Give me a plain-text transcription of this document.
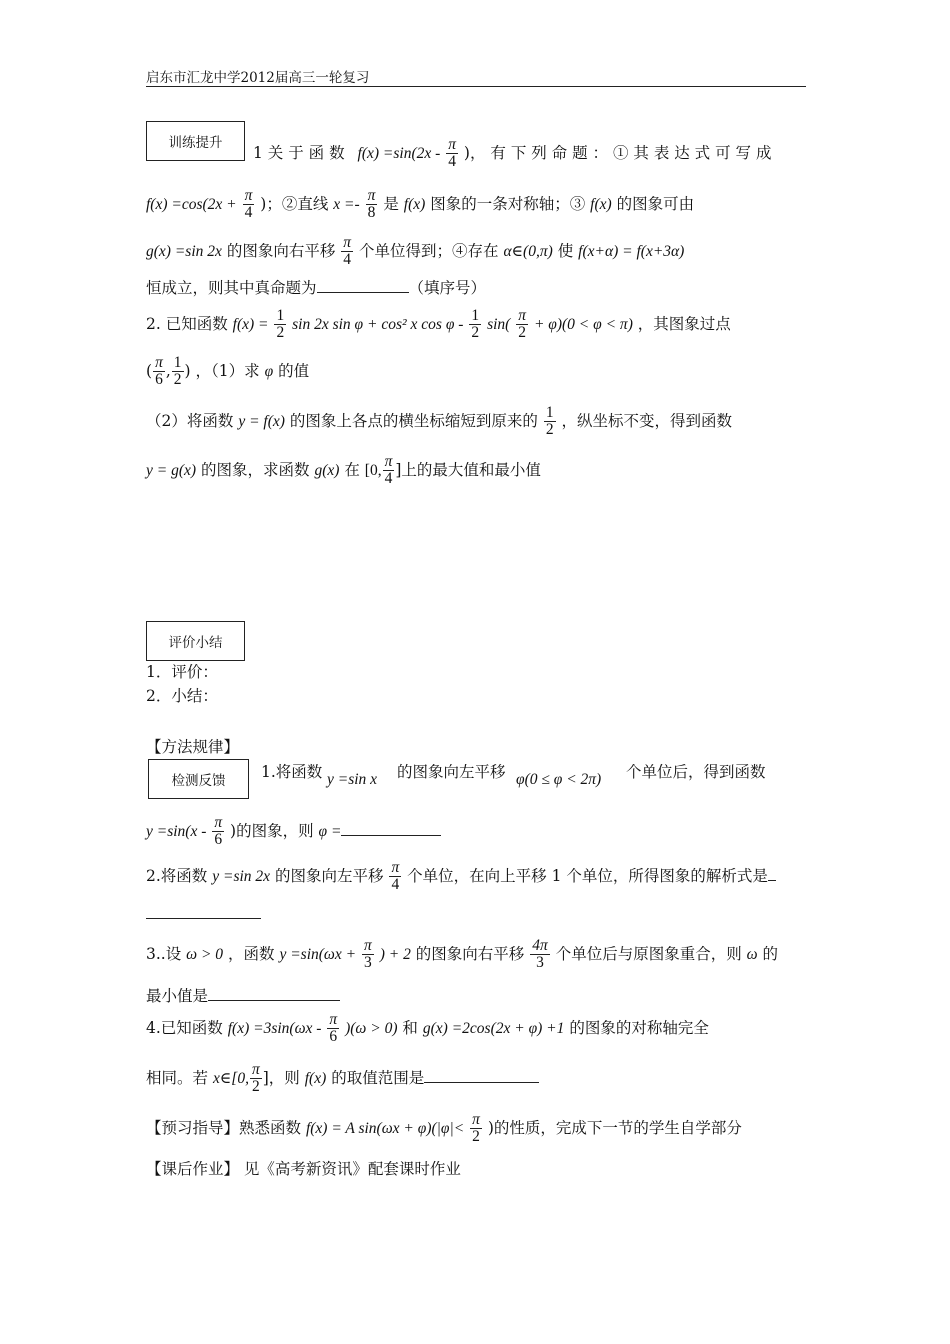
启东市汇龙中学2012届高三一轮复习
训练提升
1 关 于 函 数 $f(x) =\sin(2x - \frac{\pi}{4}$ )， 有 下 列 命 题 ： ① 其 表 达 式 可 写 成
$f(x) =\cos(2x + \frac{\pi}{4}$ )；②直线 $x =- \frac{\pi}{8}$ 是 f(x) 图象的一条对称轴；③ f(x) 的图象可由
g(x) =sin 2x 的图象向右平移 $\frac{\pi}{4}$ 个单位得到；④存在 α∈(0,π) 使 f(x+α) = f(x+3α)
恒成立，则其中真命题为	（填序号）
2. 已知函数 $f(x) = \frac{1}{2}$ sin 2x sin φ + cos² x $\cos \varphi - \frac{1}{2} \sin( \frac{\pi}{2} + \varphi)(0 < \varphi < \pi)$ ，其图象过点
( $\frac{\pi}{6}$ , $\frac{1}{2}$ ) ，（1）求 φ 的值
（2）将函数 y = f(x) 的图象上各点的横坐标缩短到原来的 $\frac{1}{2}$ ，纵坐标不变，得到函数
y = g(x) 的图象，求函数 g(x) 在 [0, $\frac{\pi}{4}$ ]上的最大值和最小值
评价小结
1．评价：
2．小结：
【方法规律】
检测反馈	1.将函数 y =sin x 的图象向左平移 φ(0 ≤ φ < 2π) 个单位后，得到函数
$y =\sin(x - \frac{\pi}{6}$ )的图象，则 φ =
2.将函数 y =sin 2x 的图象向左平移 $\frac{\pi}{4}$ 个单位，在向上平移 1 个单位，所得图象的解析式是
3..设 ω > 0 ，函数 $y =\sin(\omega x + \frac{\pi}{3}$ ) + 2 的图象向右平移 $\frac{4\pi}{3}$ 个单位后与原图象重合，则 ω 的
最小值是
4.已知函数 $f(x) =3\sin(\omega x - \frac{\pi}{6} )(\omega > 0)$ 和 g(x) =2cos(2x + φ) +1 的图象的对称轴完全
相同。若 x∈[0, $\frac{\pi}{2}$ ]，则 f(x) 的取值范围是
【预习指导】熟悉函数 f(x) = A $\sin(\omega x + \varphi)(|\varphi|< \frac{\pi}{2}$ )的性质，完成下一节的学生自学部分
【课后作业】 见《高考新资讯》配套课时作业
